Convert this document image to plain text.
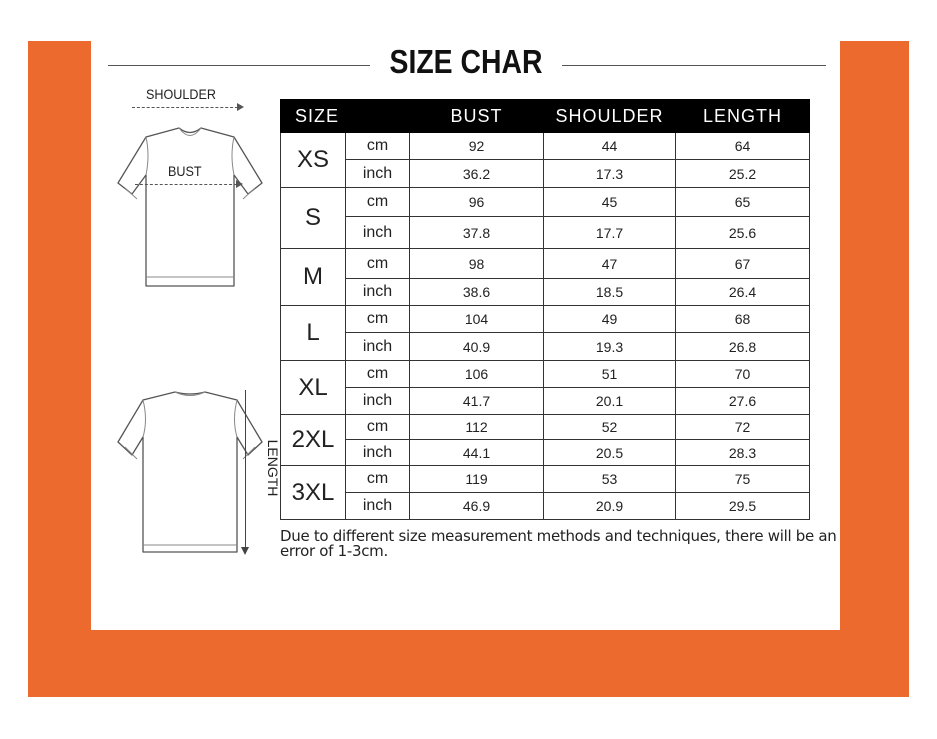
SIZE CHAR
SHOULDER
BUST
LENGTH
SIZE		BUST	SHOULDER	LENGTH
XS	cm	92	44	64
	inch	36.2	17.3	25.2
S	cm	96	45	65
	inch	37.8	17.7	25.6
M	cm	98	47	67
	inch	38.6	18.5	26.4
L	cm	104	49	68
	inch	40.9	19.3	26.8
XL	cm	106	51	70
	inch	41.7	20.1	27.6
2XL	cm	112	52	72
	inch	44.1	20.5	28.3
3XL	cm	119	53	75
	inch	46.9	20.9	29.5
Due to different size measurement methods and techniques, there will be an error of 1-3cm.
